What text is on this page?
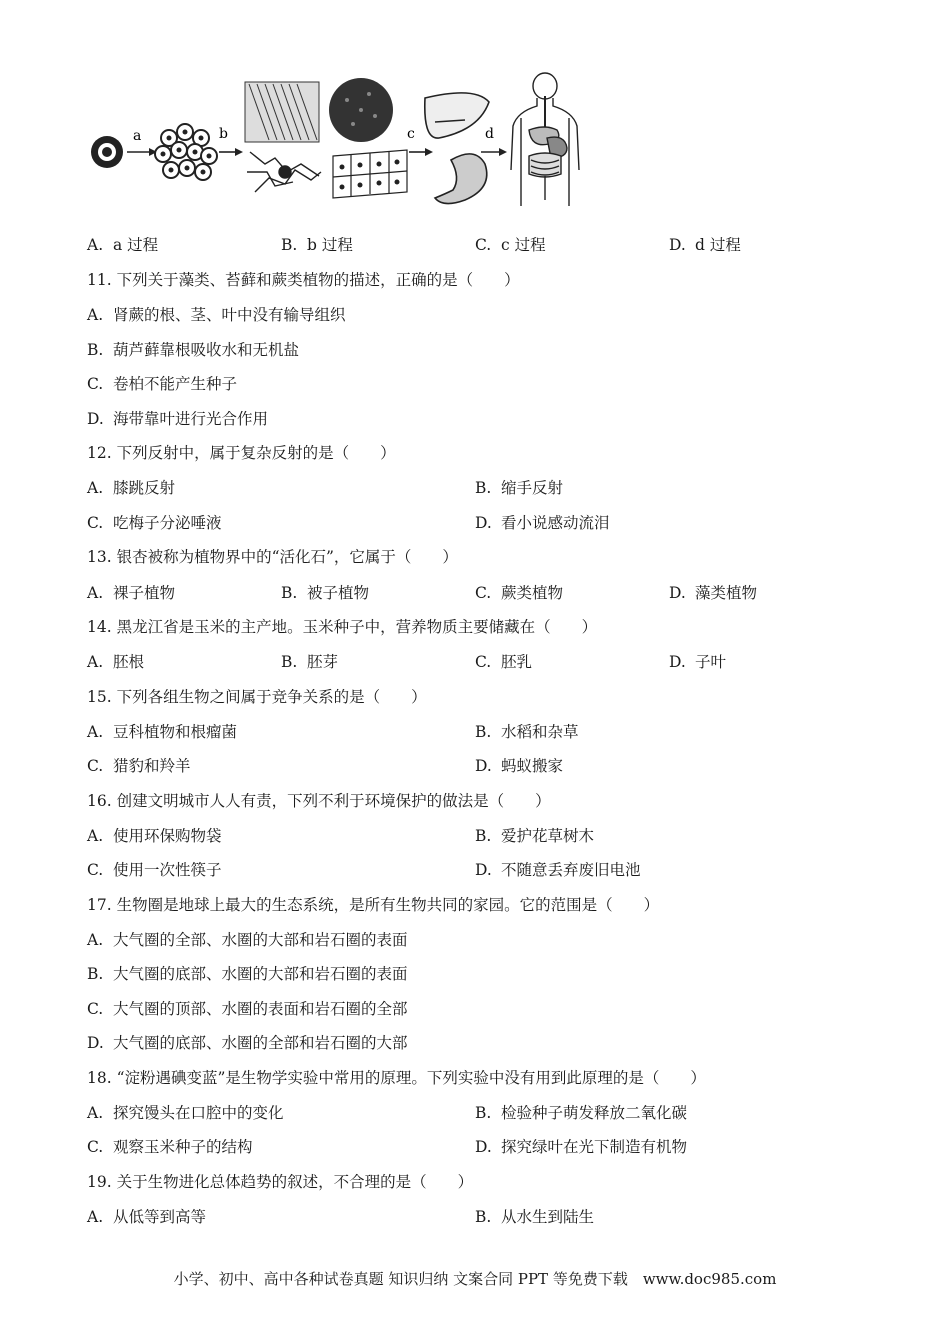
a	b	c	d
A. a 过程	B. b 过程	C. c 过程	D. d 过程
11. 下列关于藻类、苔藓和蕨类植物的描述，正确的是（　　）
A. 肾蕨的根、茎、叶中没有输导组织
B. 葫芦藓靠根吸收水和无机盐
C. 卷柏不能产生种子
D. 海带靠叶进行光合作用
12. 下列反射中，属于复杂反射的是（　　）
A. 膝跳反射	B. 缩手反射
C. 吃梅子分泌唾液	D. 看小说感动流泪
13. 银杏被称为植物界中的“活化石”，它属于（　　）
A. 裸子植物	B. 被子植物	C. 蕨类植物	D. 藻类植物
14. 黑龙江省是玉米的主产地。玉米种子中，营养物质主要储藏在（　　）
A. 胚根	B. 胚芽	C. 胚乳	D. 子叶
15. 下列各组生物之间属于竞争关系的是（　　）
A. 豆科植物和根瘤菌	B. 水稻和杂草
C. 猎豹和羚羊	D. 蚂蚁搬家
16. 创建文明城市人人有责，下列不利于环境保护的做法是（　　）
A. 使用环保购物袋	B. 爱护花草树木
C. 使用一次性筷子	D. 不随意丢弃废旧电池
17. 生物圈是地球上最大的生态系统，是所有生物共同的家园。它的范围是（　　）
A. 大气圈的全部、水圈的大部和岩石圈的表面
B. 大气圈的底部、水圈的大部和岩石圈的表面
C. 大气圈的顶部、水圈的表面和岩石圈的全部
D. 大气圈的底部、水圈的全部和岩石圈的大部
18. “淀粉遇碘变蓝”是生物学实验中常用的原理。下列实验中没有用到此原理的是（　　）
A. 探究馒头在口腔中的变化	B. 检验种子萌发释放二氧化碳
C. 观察玉米种子的结构	D. 探究绿叶在光下制造有机物
19. 关于生物进化总体趋势的叙述，不合理的是（　　）
A. 从低等到高等	B. 从水生到陆生
小学、初中、高中各种试卷真题 知识归纳 文案合同 PPT 等免费下载　www.doc985.com
